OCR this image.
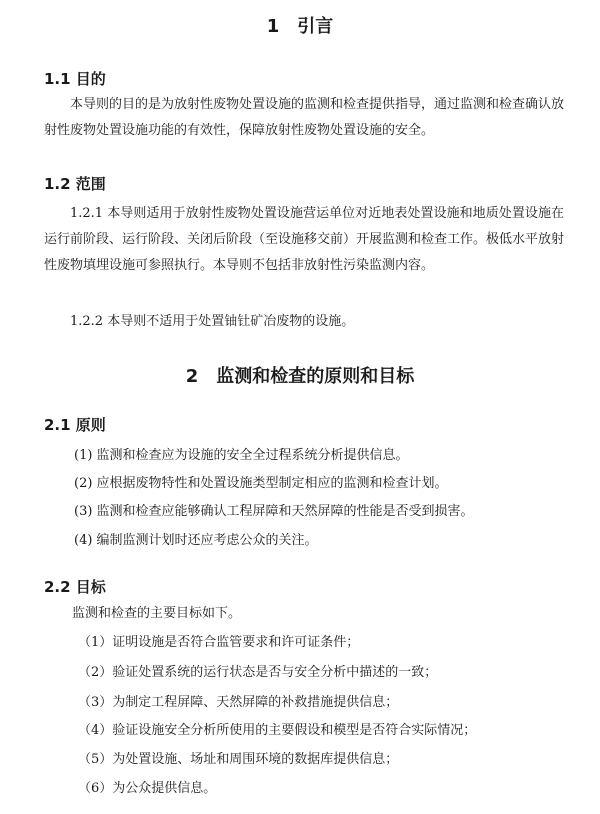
1　引言
1.1 目的

本导则的目的是为放射性废物处置设施的监测和检查提供指导，通过监测和检查确认放射性废物处置设施功能的有效性，保障放射性废物处置设施的安全。

1.2 范围

1.2.1 本导则适用于放射性废物处置设施营运单位对近地表处置设施和地质处置设施在运行前阶段、运行阶段、关闭后阶段（至设施移交前）开展监测和检查工作。极低水平放射性废物填埋设施可参照执行。本导则不包括非放射性污染监测内容。

1.2.2 本导则不适用于处置铀钍矿冶废物的设施。

2　监测和检查的原则和目标
2.1 原则

(1) 监测和检查应为设施的安全全过程系统分析提供信息。

(2) 应根据废物特性和处置设施类型制定相应的监测和检查计划。

(3) 监测和检查应能够确认工程屏障和天然屏障的性能是否受到损害。

(4) 编制监测计划时还应考虑公众的关注。

2.2 目标

监测和检查的主要目标如下。

（1）证明设施是否符合监管要求和许可证条件；

（2）验证处置系统的运行状态是否与安全分析中描述的一致；

（3）为制定工程屏障、天然屏障的补救措施提供信息；

（4）验证设施安全分析所使用的主要假设和模型是否符合实际情况；

（5）为处置设施、场址和周围环境的数据库提供信息；

（6）为公众提供信息。
